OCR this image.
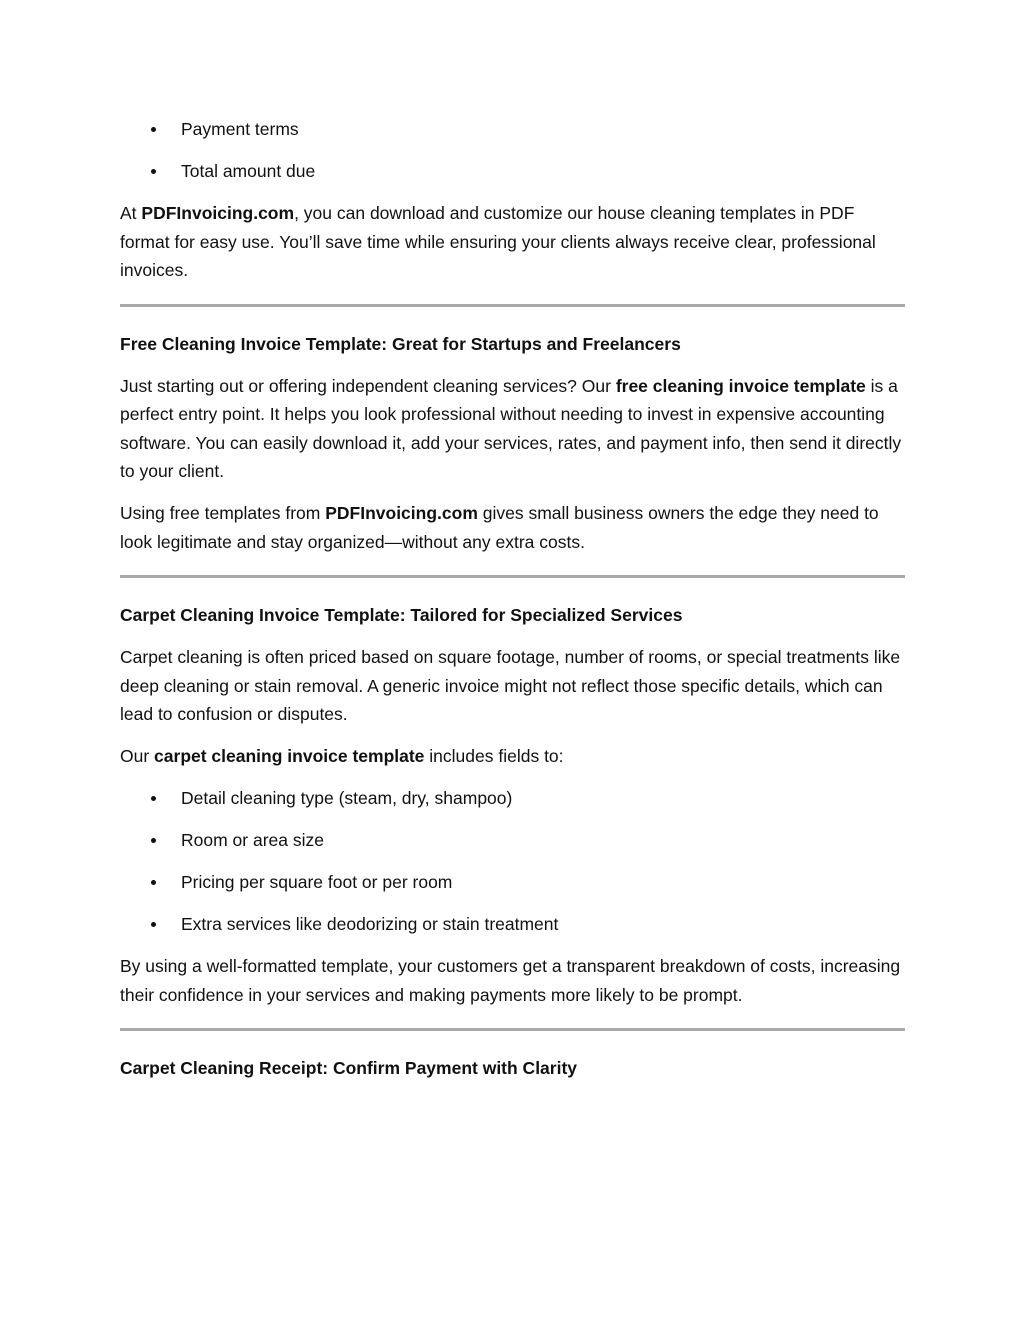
Payment terms
Total amount due

At PDFInvoicing.com, you can download and customize our house cleaning templates in PDF format for easy use. You’ll save time while ensuring your clients always receive clear, professional invoices.

Free Cleaning Invoice Template: Great for Startups and Freelancers

Just starting out or offering independent cleaning services? Our free cleaning invoice template is a perfect entry point. It helps you look professional without needing to invest in expensive accounting software. You can easily download it, add your services, rates, and payment info, then send it directly to your client.

Using free templates from PDFInvoicing.com gives small business owners the edge they need to look legitimate and stay organized—without any extra costs.

Carpet Cleaning Invoice Template: Tailored for Specialized Services

Carpet cleaning is often priced based on square footage, number of rooms, or special treatments like deep cleaning or stain removal. A generic invoice might not reflect those specific details, which can lead to confusion or disputes.

Our carpet cleaning invoice template includes fields to:

Detail cleaning type (steam, dry, shampoo)
Room or area size
Pricing per square foot or per room
Extra services like deodorizing or stain treatment

By using a well-formatted template, your customers get a transparent breakdown of costs, increasing their confidence in your services and making payments more likely to be prompt.

Carpet Cleaning Receipt: Confirm Payment with Clarity
